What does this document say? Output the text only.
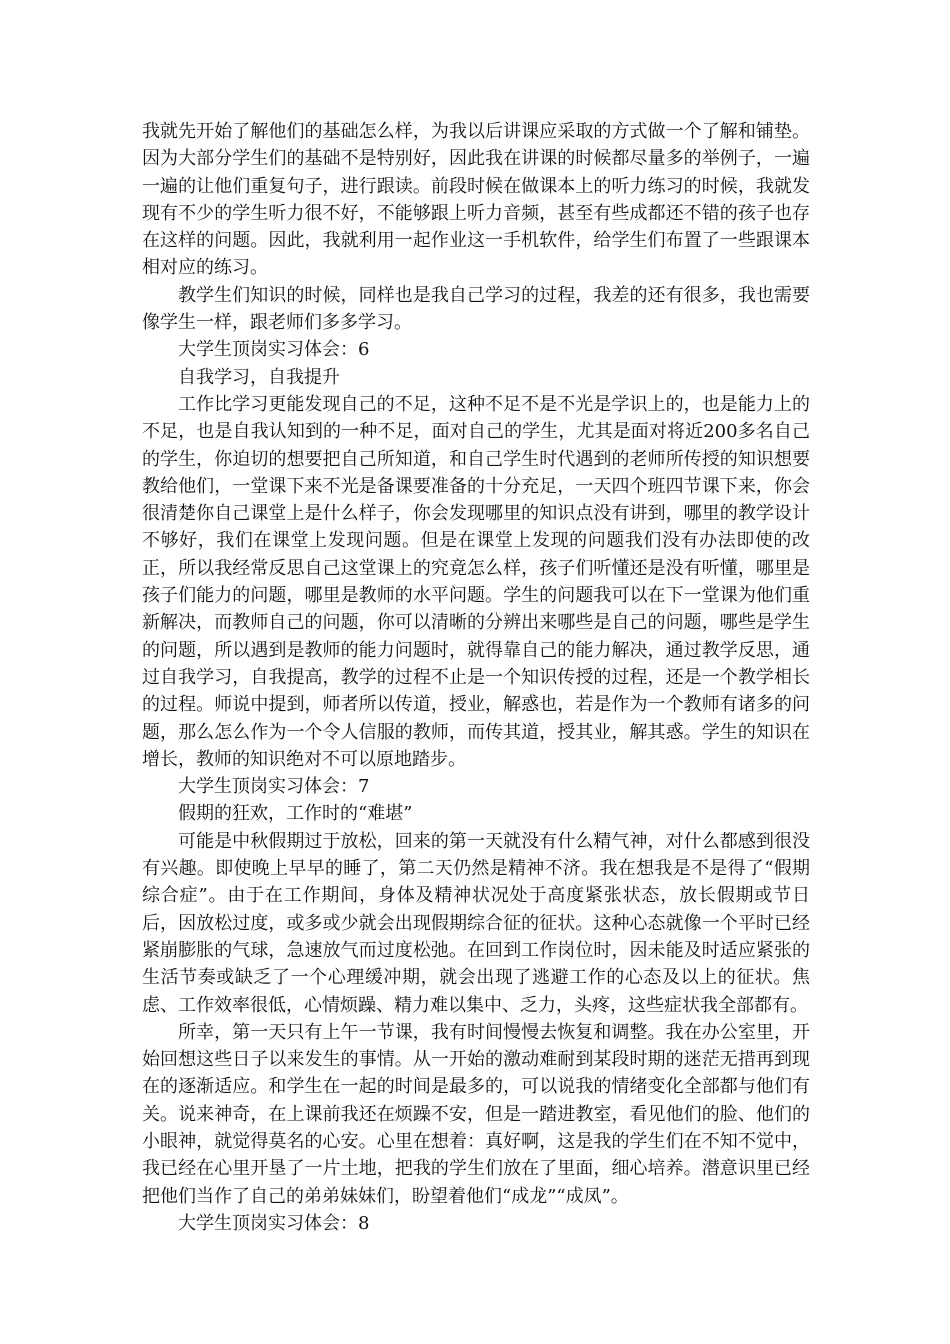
我就先开始了解他们的基础怎么样，为我以后讲课应采取的方式做一个了解和铺垫。因为大部分学生们的基础不是特别好，因此我在讲课的时候都尽量多的举例子，一遍一遍的让他们重复句子，进行跟读。前段时候在做课本上的听力练习的时候，我就发现有不少的学生听力很不好，不能够跟上听力音频，甚至有些成都还不错的孩子也存在这样的问题。因此，我就利用一起作业这一手机软件，给学生们布置了一些跟课本相对应的练习。

教学生们知识的时候，同样也是我自己学习的过程，我差的还有很多，我也需要像学生一样，跟老师们多多学习。

大学生顶岗实习体会：6

自我学习，自我提升

工作比学习更能发现自己的不足，这种不足不是不光是学识上的，也是能力上的不足，也是自我认知到的一种不足，面对自己的学生，尤其是面对将近200多名自己的学生，你迫切的想要把自己所知道，和自己学生时代遇到的老师所传授的知识想要教给他们，一堂课下来不光是备课要准备的十分充足，一天四个班四节课下来，你会很清楚你自己课堂上是什么样子，你会发现哪里的知识点没有讲到，哪里的教学设计不够好，我们在课堂上发现问题。但是在课堂上发现的问题我们没有办法即使的改正，所以我经常反思自己这堂课上的究竟怎么样，孩子们听懂还是没有听懂，哪里是孩子们能力的问题，哪里是教师的水平问题。学生的问题我可以在下一堂课为他们重新解决，而教师自己的问题，你可以清晰的分辨出来哪些是自己的问题，哪些是学生的问题，所以遇到是教师的能力问题时，就得靠自己的能力解决，通过教学反思，通过自我学习，自我提高，教学的过程不止是一个知识传授的过程，还是一个教学相长的过程。师说中提到，师者所以传道，授业，解惑也，若是作为一个教师有诸多的问题，那么怎么作为一个令人信服的教师，而传其道，授其业，解其惑。学生的知识在增长，教师的知识绝对不可以原地踏步。

大学生顶岗实习体会：7

假期的狂欢，工作时的“难堪”

可能是中秋假期过于放松，回来的第一天就没有什么精气神，对什么都感到很没有兴趣。即使晚上早早的睡了，第二天仍然是精神不济。我在想我是不是得了“假期综合症”。由于在工作期间，身体及精神状况处于高度紧张状态，放长假期或节日后，因放松过度，或多或少就会出现假期综合征的征状。这种心态就像一个平时已经紧崩膨胀的气球，急速放气而过度松弛。在回到工作岗位时，因未能及时适应紧张的生活节奏或缺乏了一个心理缓冲期，就会出现了逃避工作的心态及以上的征状。焦虑、工作效率很低，心情烦躁、精力难以集中、乏力，头疼，这些症状我全部都有。

所幸，第一天只有上午一节课，我有时间慢慢去恢复和调整。我在办公室里，开始回想这些日子以来发生的事情。从一开始的激动难耐到某段时期的迷茫无措再到现在的逐渐适应。和学生在一起的时间是最多的，可以说我的情绪变化全部都与他们有关。说来神奇，在上课前我还在烦躁不安，但是一踏进教室，看见他们的脸、他们的小眼神，就觉得莫名的心安。心里在想着：真好啊，这是我的学生们在不知不觉中，我已经在心里开垦了一片土地，把我的学生们放在了里面，细心培养。潜意识里已经把他们当作了自己的弟弟妹妹们，盼望着他们“成龙”“成凤”。

大学生顶岗实习体会：8
